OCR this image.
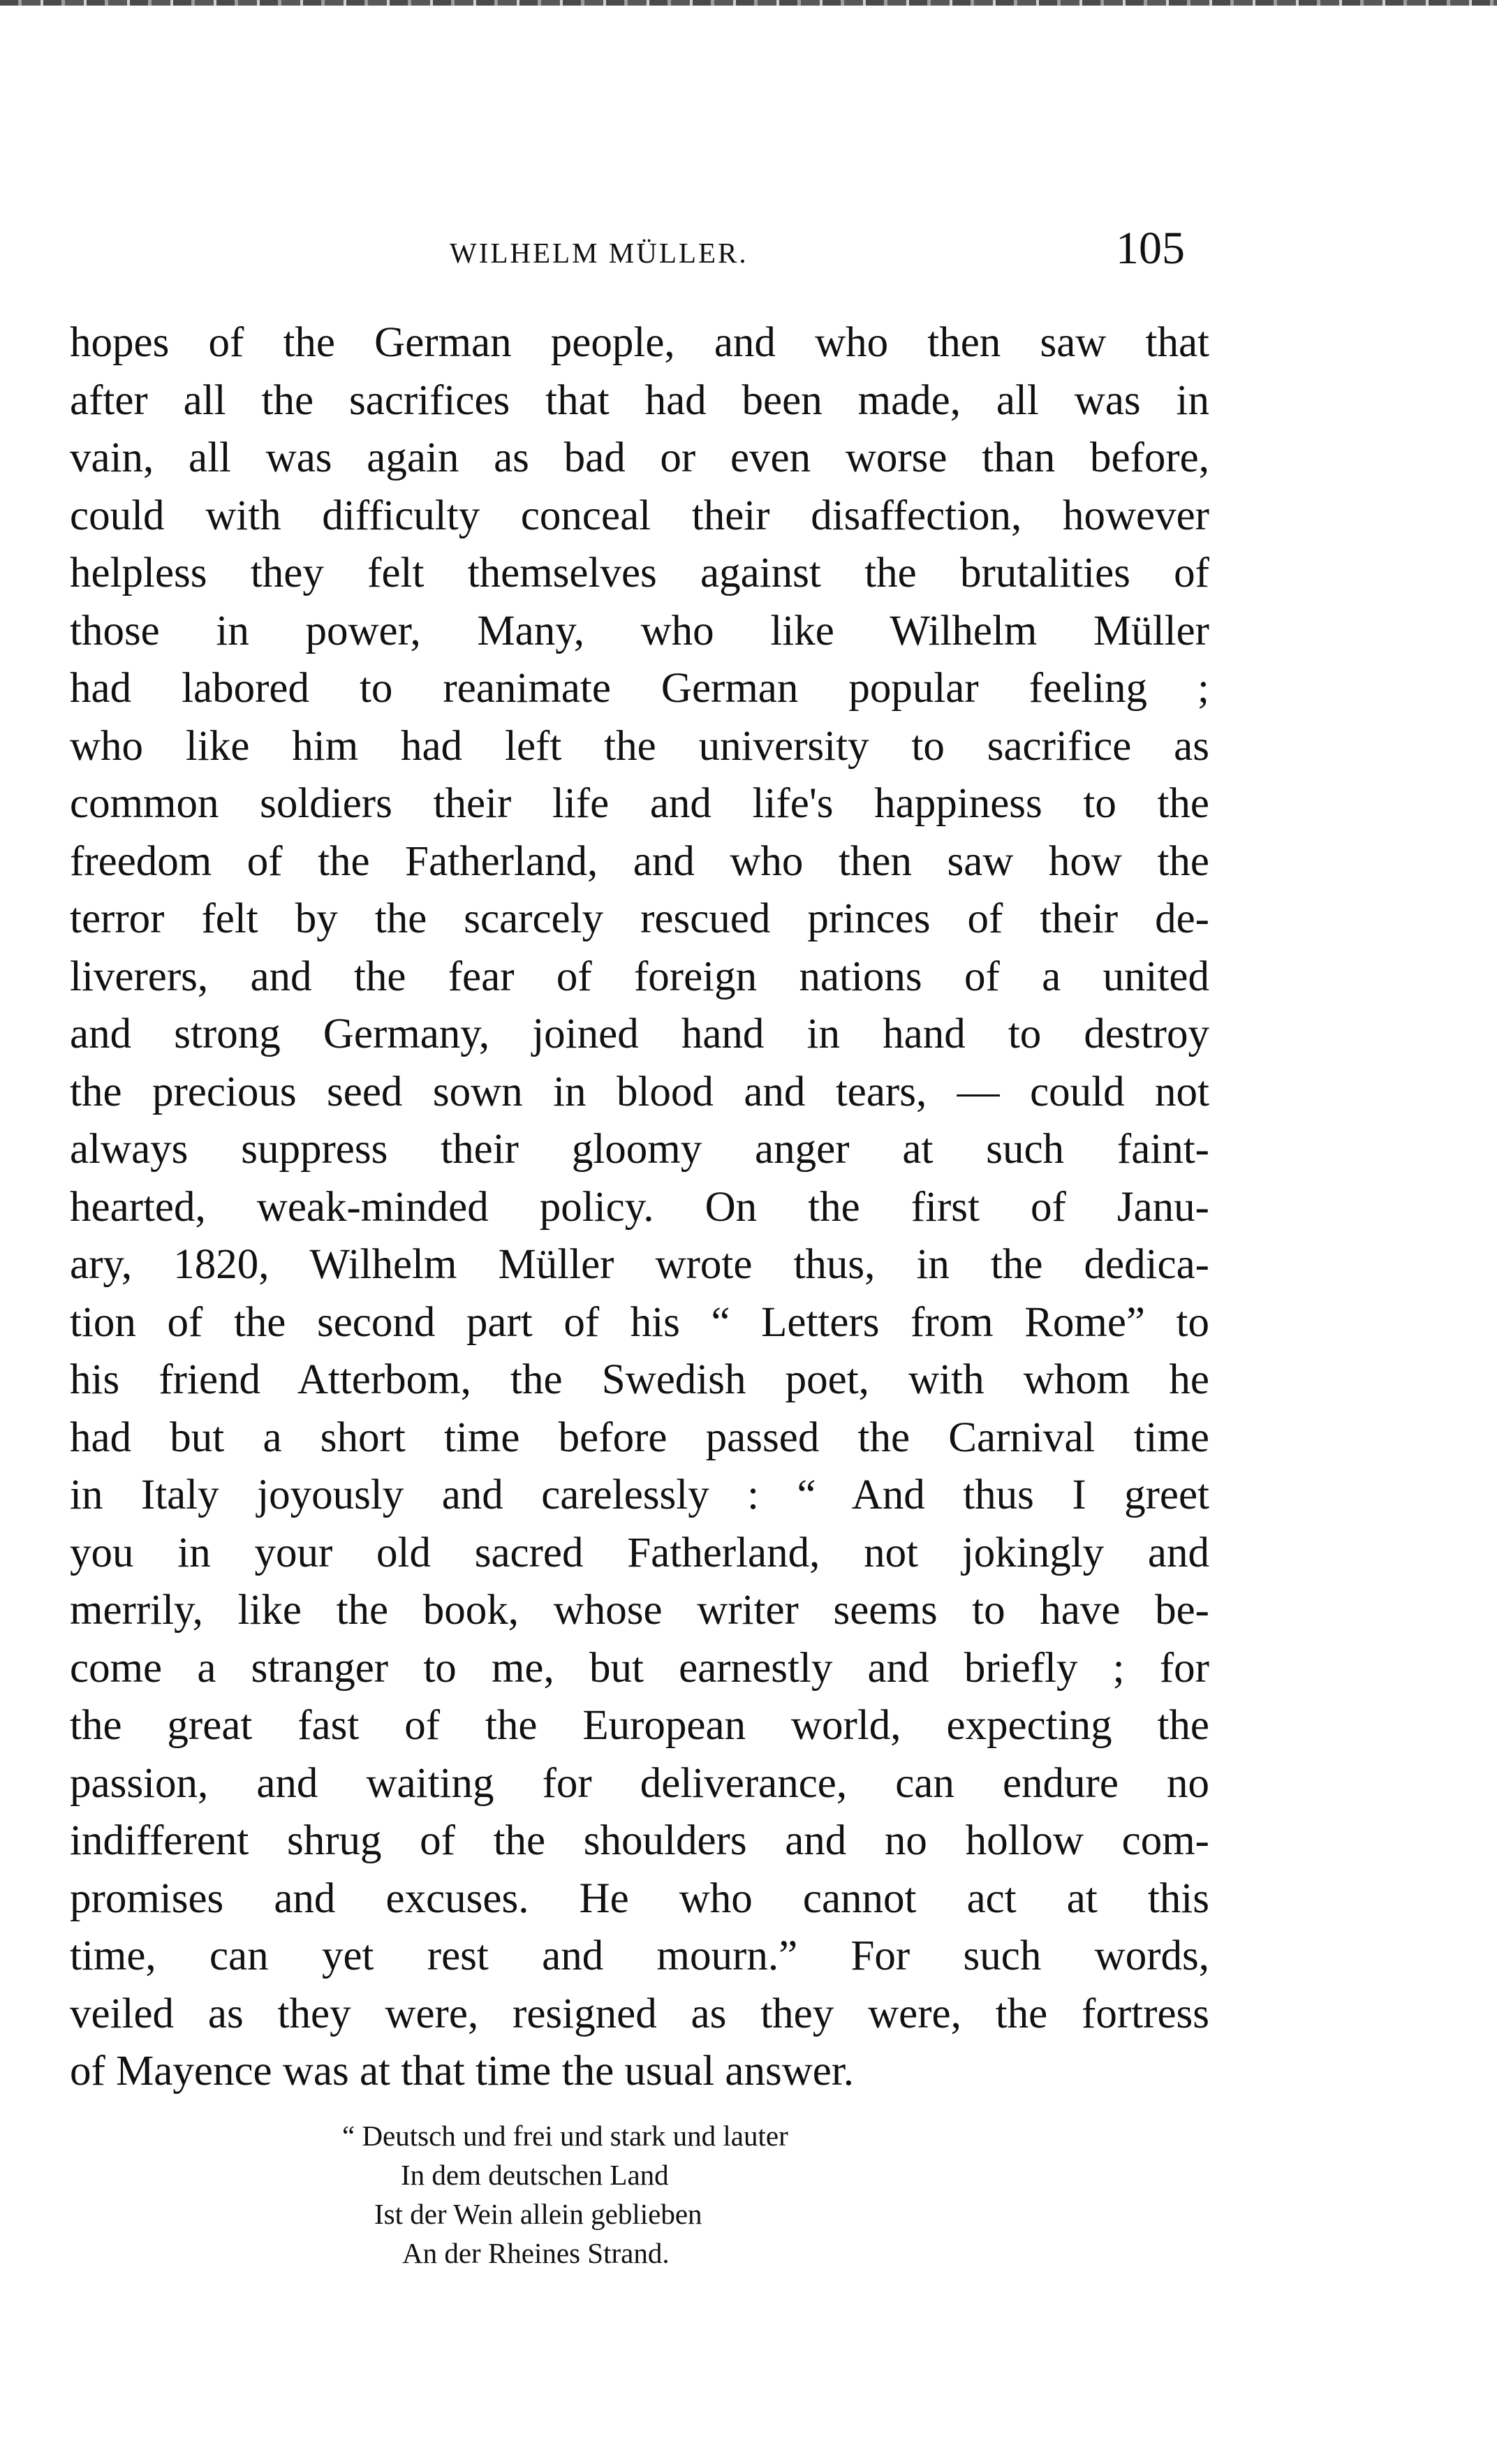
WILHELM MÜLLER.	105
hopes of the German people, and who then saw that
after all the sacrifices that had been made, all was in
vain, all was again as bad or even worse than before,
could with difficulty conceal their disaffection, however
helpless they felt themselves against the brutalities of
those in power, Many, who like Wilhelm Müller
had labored to reanimate German popular feeling ;
who like him had left the university to sacrifice as
common soldiers their life and life's happiness to the
freedom of the Fatherland, and who then saw how the
terror felt by the scarcely rescued princes of their de-
liverers, and the fear of foreign nations of a united
and strong Germany, joined hand in hand to destroy
the precious seed sown in blood and tears, — could not
always suppress their gloomy anger at such faint-
hearted, weak-minded policy. On the first of Janu-
ary, 1820, Wilhelm Müller wrote thus, in the dedica-
tion of the second part of his “ Letters from Rome” to
his friend Atterbom, the Swedish poet, with whom he
had but a short time before passed the Carnival time
in Italy joyously and carelessly : “ And thus I greet
you in your old sacred Fatherland, not jokingly and
merrily, like the book, whose writer seems to have be-
come a stranger to me, but earnestly and briefly ; for
the great fast of the European world, expecting the
passion, and waiting for deliverance, can endure no
indifferent shrug of the shoulders and no hollow com-
promises and excuses. He who cannot act at this
time, can yet rest and mourn.” For such words,
veiled as they were, resigned as they were, the fortress
of Mayence was at that time the usual answer.
“ Deutsch und frei und stark und lauter
In dem deutschen Land
Ist der Wein allein geblieben
An der Rheines Strand.
